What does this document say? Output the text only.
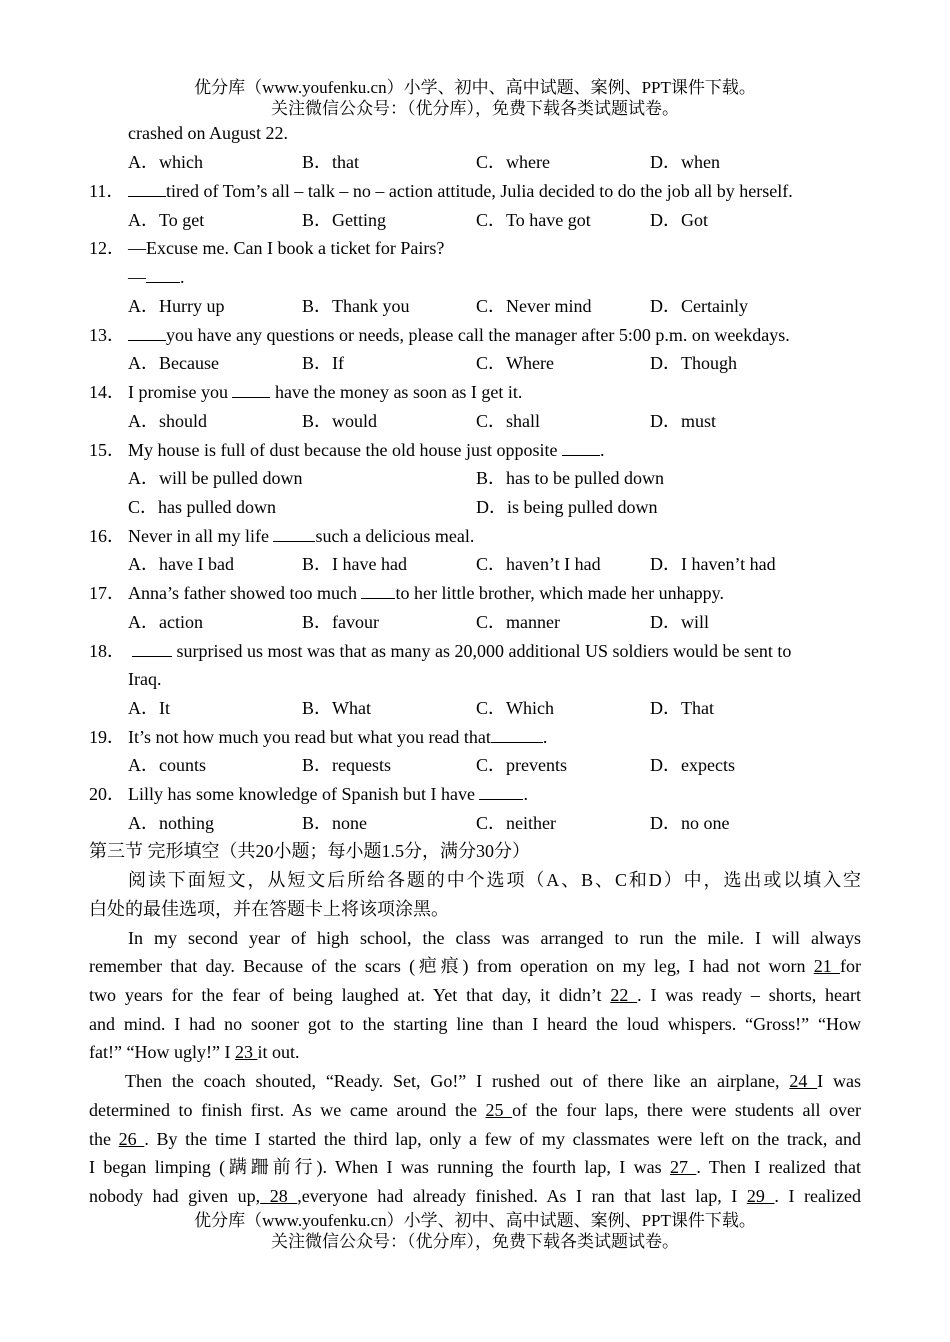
优分库（www.youfenku.cn）小学、初中、高中试题、案例、PPT课件下载。
关注微信公众号：（优分库），免费下载各类试题试卷。
crashed on August 22.
A．which	B．that	C．where	D．when
11．	tired of Tom’s all – talk – no – action attitude, Julia decided to do the job all by herself.
A．To get	B．Getting	C．To have got	D．Got
12． —Excuse me. Can I book a ticket for Pairs?
— .
A．Hurry up	B．Thank you	C．Never mind	D．Certainly
13．	you have any questions or needs, please call the manager after 5:00 p.m. on weekdays.
A．Because	B．If	C．Where	D．Though
14． I promise you  have the money as soon as I get it.
A．should	B．would	C．shall	D．must
15． My house is full of dust because the old house just opposite .
A．will be pulled down	B．has to be pulled down
C．has pulled down	D．is being pulled down
16． Never in all my life such a delicious meal.
A．have I bad	B．I have had	C．haven’t I had	D．I haven’t had
17． Anna’s father showed too much to her little brother, which made her unhappy.
A．action	B．favour	C．manner	D．will
18．	surprised us most was that as many as 20,000 additional US soldiers would be sent to
Iraq.
A．It	B．What	C．Which	D．That
19． It’s not how much you read but what you read that	.
A．counts	B．requests	C．prevents	D．expects
20． Lilly has some knowledge of Spanish but I have .
A．nothing	B．none	C．neither	D．no one
第三节 完形填空（共20小题；每小题1.5分，满分30分）
阅读下面短文，从短文后所给各题的中个选项（A、B、C和D）中，选出或以填入空
白处的最佳选项，并在答题卡上将该项涂黑。
In my second year of high school, the class was arranged to run the mile. I will always
remember that day. Because of the scars (疤痕) from operation on my leg, I had not worn 21 for
two years for the fear of being laughed at. Yet that day, it didn’t 22 . I was ready – shorts, heart
and mind. I had no sooner got to the starting line than I heard the loud whispers. “Gross!” “How
fat!” “How ugly!” I 23 it out.
Then the coach shouted, “Ready. Set, Go!” I rushed out of there like an airplane, 24 I was
determined to finish first. As we came around the 25 of the four laps, there were students all over
the 26 . By the time I started the third lap, only a few of my classmates were left on the track, and
I began limping (蹒跚前行). When I was running the fourth lap, I was 27 . Then I realized that
nobody had given up, 28 ,everyone had already finished. As I ran that last lap, I 29 . I realized
优分库（www.youfenku.cn）小学、初中、高中试题、案例、PPT课件下载。
关注微信公众号：（优分库），免费下载各类试题试卷。
